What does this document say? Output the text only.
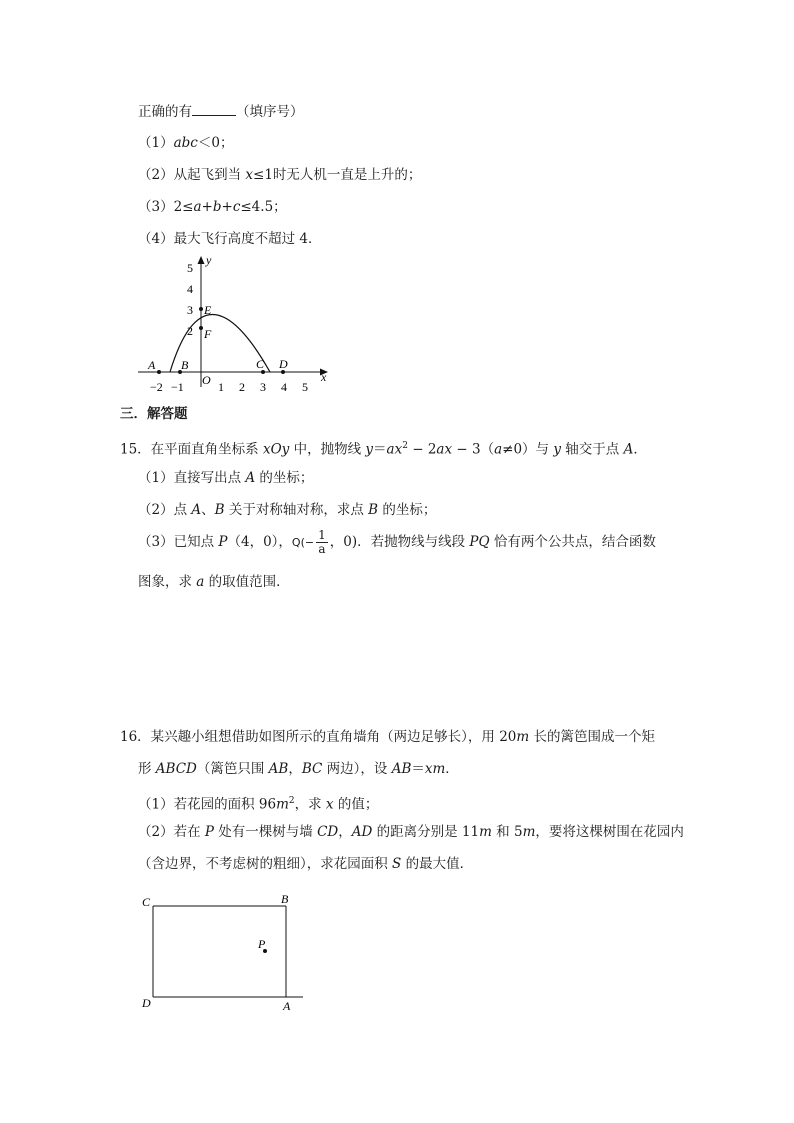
正确的有	（填序号）
（1）abc＜0；
（2）从起飞到当 x≤1时无人机一直是上升的；
（3）2≤a+b+c≤4.5；
（4）最大飞行高度不超过 4．
x
y
5
4
3
2
−2 −1	1 2 3 4 5
O
A B	C D
E
F
三．解答题
15．在平面直角坐标系 xOy 中，抛物线 $y=ax^2 - 2ax - 3(a\ne 0)$与 y 轴交于点 A．
（1）直接写出点 A 的坐标；
（2）点 A、B 关于对称轴对称，求点 B 的坐标；
（3）已知点 P（4，0），$Q(- \frac{1}{a}$ ，0)．若抛物线与线段 PQ 恰有两个公共点，结合函数
图象，求 a 的取值范围．
16．某兴趣小组想借助如图所示的直角墙角（两边足够长），用 20m 长的篱笆围成一个矩
形 ABCD（篱笆只围 AB，BC 两边），设 AB＝xm．
（1）若花园的面积 $96m^2$，求 x 的值；
（2）若在 P 处有一棵树与墙 CD，AD 的距离分别是 11m 和 5m，要将这棵树围在花园内
（含边界，不考虑树的粗细），求花园面积 S 的最大值．
C	B
D	A
P
